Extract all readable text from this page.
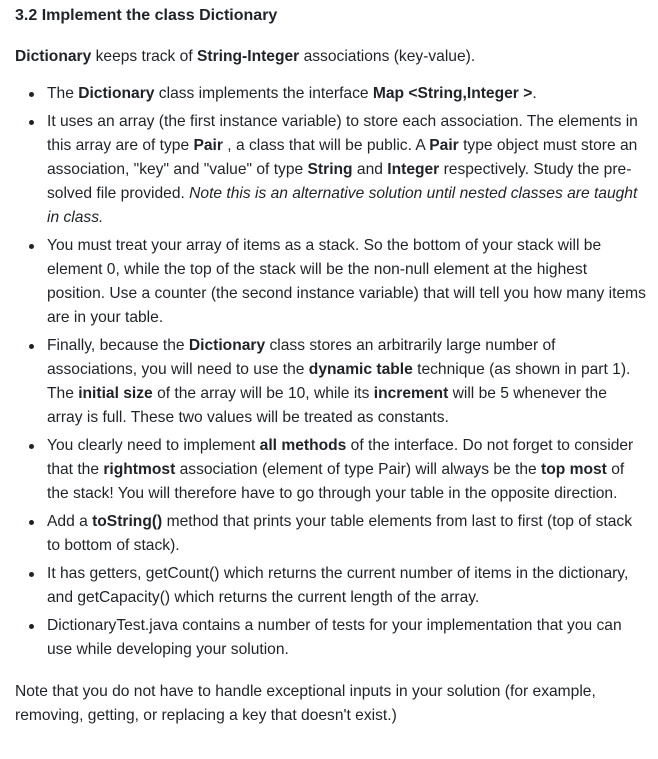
3.2 Implement the class Dictionary

Dictionary keeps track of String-Integer associations (key-value).

The Dictionary class implements the interface Map <String,Integer >.
It uses an array (the first instance variable) to store each association. The elements in this array are of type Pair , a class that will be public. A Pair type object must store an association, "key" and "value" of type String and Integer respectively. Study the pre-solved file provided. Note this is an alternative solution until nested classes are taught in class.
You must treat your array of items as a stack. So the bottom of your stack will be element 0, while the top of the stack will be the non-null element at the highest position. Use a counter (the second instance variable) that will tell you how many items are in your table.
Finally, because the Dictionary class stores an arbitrarily large number of associations, you will need to use the dynamic table technique (as shown in part 1). The initial size of the array will be 10, while its increment will be 5 whenever the array is full. These two values will be treated as constants.
You clearly need to implement all methods of the interface. Do not forget to consider that the rightmost association (element of type Pair) will always be the top most of the stack! You will therefore have to go through your table in the opposite direction.
Add a toString() method that prints your table elements from last to first (top of stack to bottom of stack).
It has getters, getCount() which returns the current number of items in the dictionary, and getCapacity() which returns the current length of the array.
DictionaryTest.java contains a number of tests for your implementation that you can use while developing your solution.

Note that you do not have to handle exceptional inputs in your solution (for example, removing, getting, or replacing a key that doesn't exist.)
